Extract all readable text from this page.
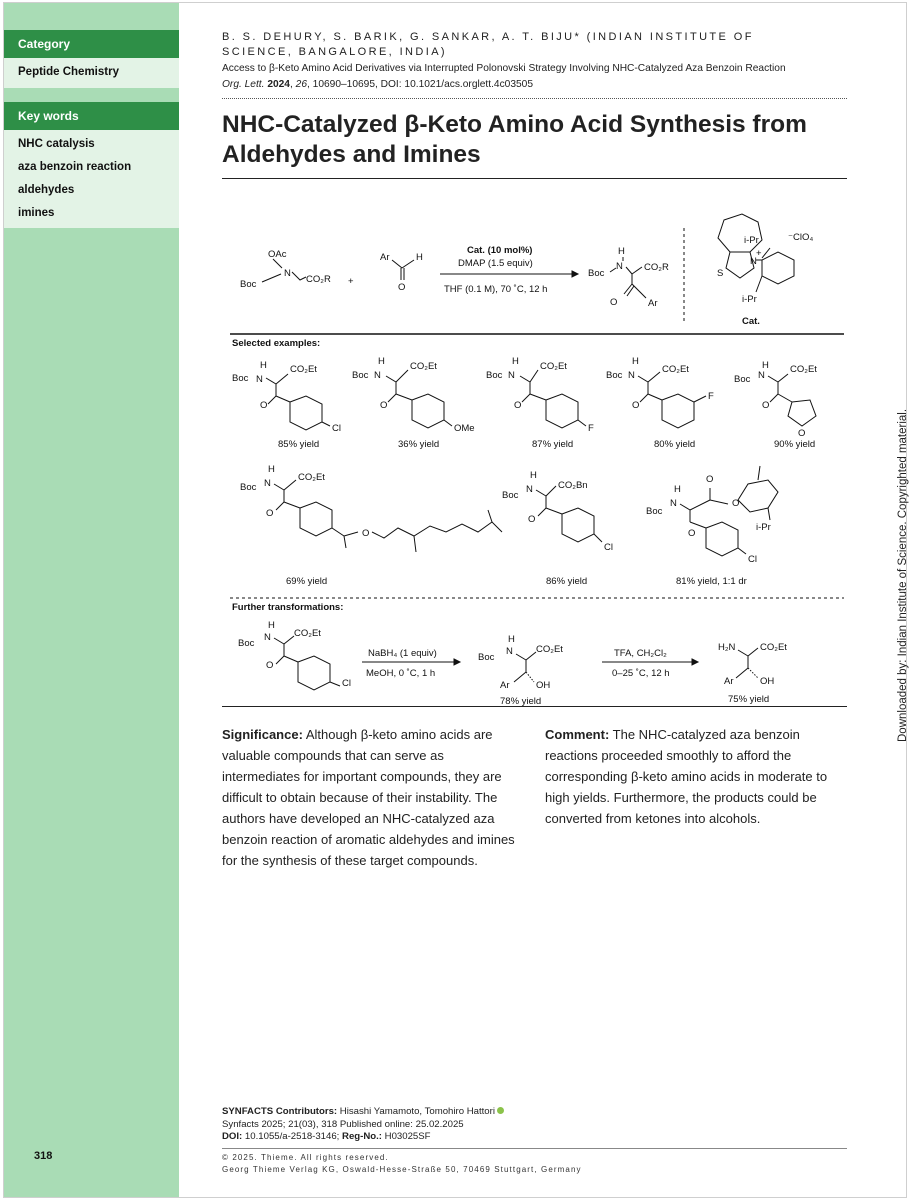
Category
Peptide Chemistry
Key words
NHC catalysis
aza benzoin reaction
aldehydes
imines
318
B. S. DEHURY, S. BARIK, G. SANKAR, A. T. BIJU* (INDIAN INSTITUTE OF SCIENCE, BANGALORE, INDIA)
Access to β-Keto Amino Acid Derivatives via Interrupted Polonovski Strategy Involving NHC-Catalyzed Aza Benzoin Reaction
Org. Lett. 2024, 26, 10690–10695, DOI: 10.1021/acs.orglett.4c03505
NHC-Catalyzed β-Keto Amino Acid Synthesis from Aldehydes and Imines
OAc
N
Boc	CO₂R +
Ar	H
O
Cat. (10 mol%)
DMAP (1.5 equiv)
THF (0.1 M), 70 ˚C, 12 h
H
N
Boc
CO₂R
O	Ar
S
N
+
i-Pr
i-Pr
⁻ClO₄
Cat.
Selected examples:
H
N
Boc
CO₂Et
O
Cl
85% yield
H
N
Boc
CO₂Et
O
OMe
36% yield
H
N
Boc
CO₂Et
O
F
87% yield
H
N
Boc
CO₂Et
O
F
80% yield
H
N
Boc
CO₂Et
O
O
90% yield
H
N
Boc
CO₂Et
O
O
69% yield
H
N
Boc
CO₂Bn
O
Cl
86% yield
H
N
Boc
O
O
O
i-Pr
Cl
81% yield, 1:1 dr
Further transformations:
H
N
Boc
CO₂Et
O
Cl
NaBH₄ (1 equiv)
MeOH, 0 ˚C, 1 h
H
N
Boc
CO₂Et
Ar	OH
78% yield
TFA, CH₂Cl₂
0–25 ˚C, 12 h
H₂N	CO₂Et
Ar	OH
75% yield
Significance: Although β-keto amino acids are valuable compounds that can serve as intermediates for important compounds, they are difficult to obtain because of their instability. The authors have developed an NHC-catalyzed aza benzoin reaction of aromatic aldehydes and imines for the synthesis of these target compounds.
Comment: The NHC-catalyzed aza benzoin reactions proceeded smoothly to afford the corresponding β-keto amino acids in moderate to high yields. Furthermore, the products could be converted from ketones into alcohols.
Downloaded by: Indian Institute of Science. Copyrighted material.
SYNFACTS Contributors: Hisashi Yamamoto, Tomohiro Hattori
Synfacts 2025; 21(03), 318 Published online: 25.02.2025
DOI: 10.1055/a-2518-3146; Reg-No.: H03025SF
© 2025. Thieme. All rights reserved.
Georg Thieme Verlag KG, Oswald-Hesse-Straße 50, 70469 Stuttgart, Germany
